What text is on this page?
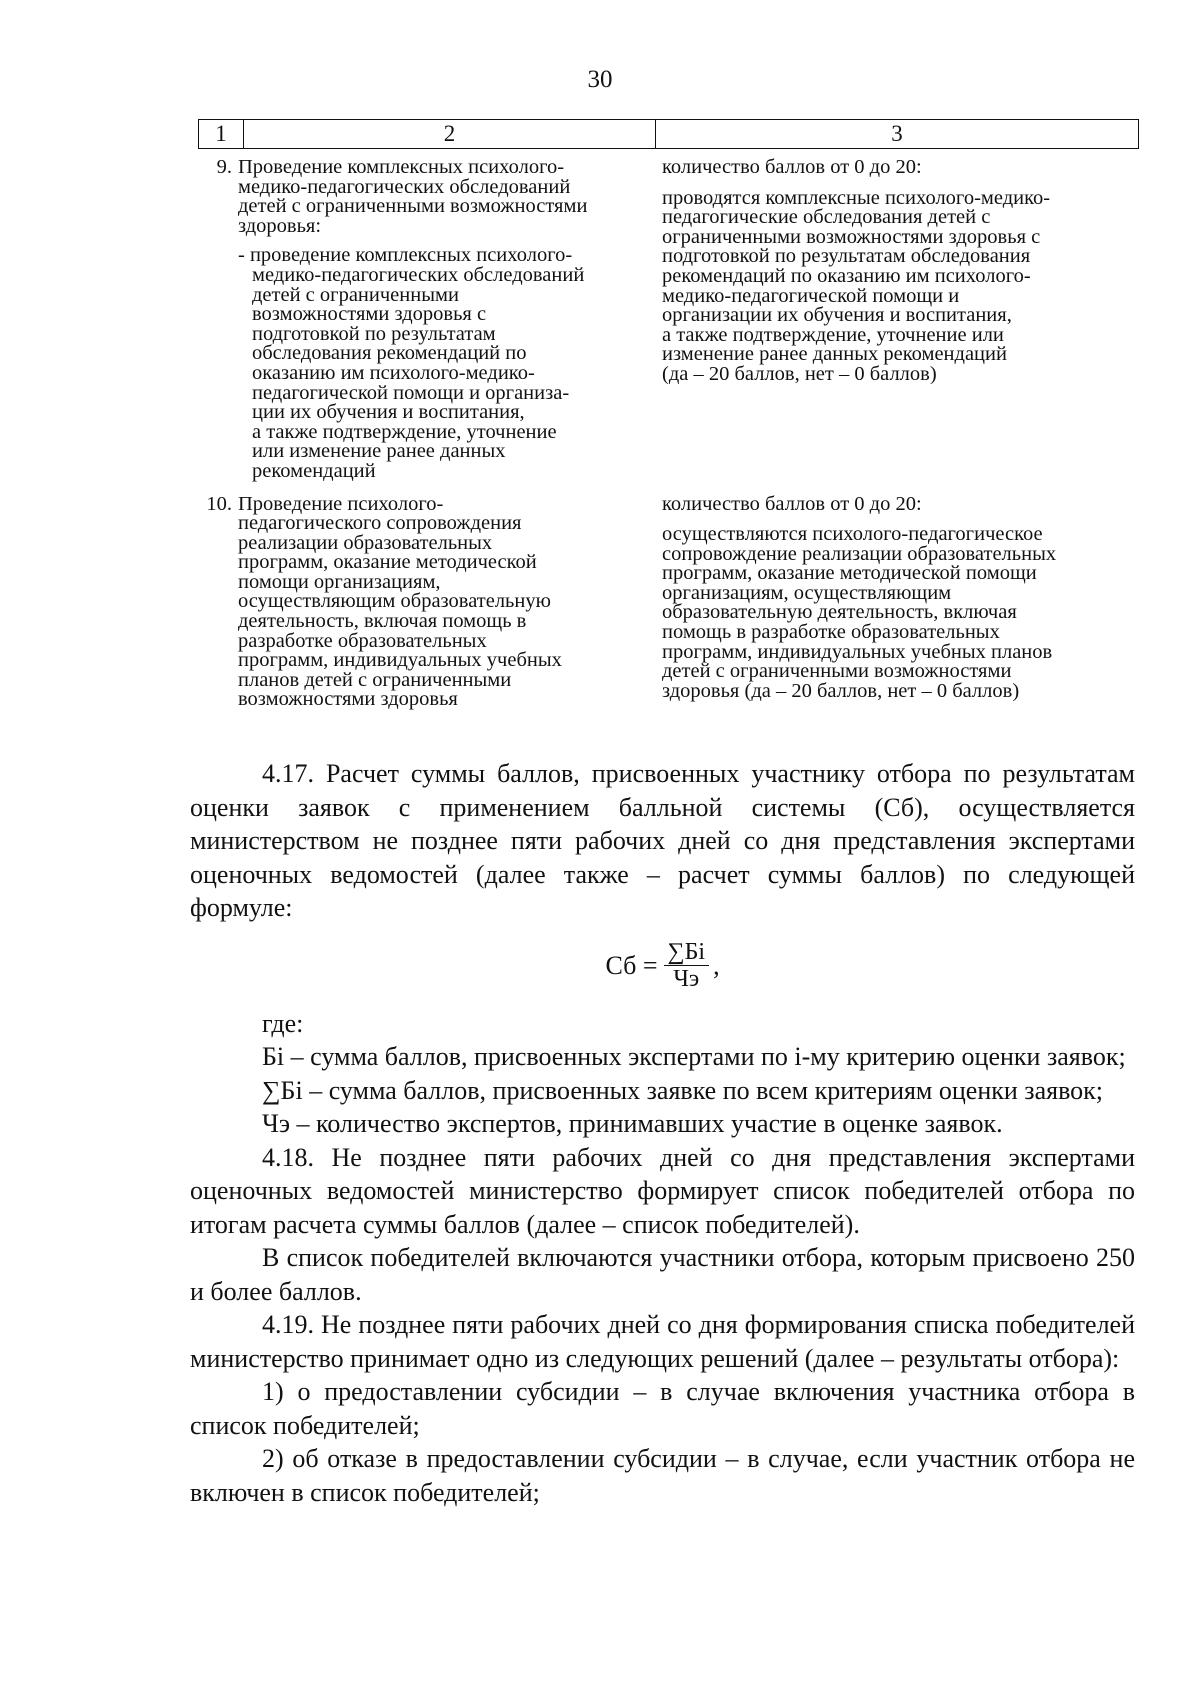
30
1	2	3
9. Проведение комплексных психолого-

медико-педагогических обследований

детей с ограниченными возможностями

здоровья:

- проведение комплексных психолого-

медико-педагогических обследований

детей с ограниченными

возможностями здоровья с

подготовкой по результатам

обследования рекомендаций по

оказанию им психолого-медико-

педагогической помощи и организа-

ции их обучения и воспитания,

а также подтверждение, уточнение

или изменение ранее данных

рекомендаций

количество баллов от 0 до 20:

проводятся комплексные психолого-медико-

педагогические обследования детей с

ограниченными возможностями здоровья с

подготовкой по результатам обследования

рекомендаций по оказанию им психолого-

медико-педагогической помощи и

организации их обучения и воспитания,

а также подтверждение, уточнение или

изменение ранее данных рекомендаций

(да – 20 баллов, нет – 0 баллов)

10. Проведение психолого-

педагогического сопровождения

реализации образовательных

программ, оказание методической

помощи организациям,

осуществляющим образовательную

деятельность, включая помощь в

разработке образовательных

программ, индивидуальных учебных

планов детей с ограниченными

возможностями здоровья

количество баллов от 0 до 20:

осуществляются психолого-педагогическое

сопровождение реализации образовательных

программ, оказание методической помощи

организациям, осуществляющим

образовательную деятельность, включая

помощь в разработке образовательных

программ, индивидуальных учебных планов

детей с ограниченными возможностями

здоровья (да – 20 баллов, нет – 0 баллов)

4.17. Расчет суммы баллов, присвоенных участнику отбора по результатам оценки заявок с применением балльной системы (Сб), осуществляется министерством не позднее пяти рабочих дней со дня представления экспертами оценочных ведомостей (далее также – расчет суммы баллов) по следующей формуле:

Сб = $\frac{\sum Бi}{Чэ}$ ,

где:

Бi – сумма баллов, присвоенных экспертами по i-му критерию оценки заявок;

∑Бi – сумма баллов, присвоенных заявке по всем критериям оценки заявок;

Чэ – количество экспертов, принимавших участие в оценке заявок.

4.18. Не позднее пяти рабочих дней со дня представления экспертами оценочных ведомостей министерство формирует список победителей отбора по итогам расчета суммы баллов (далее – список победителей).

В список победителей включаются участники отбора, которым присвоено 250 и более баллов.

4.19. Не позднее пяти рабочих дней со дня формирования списка победителей министерство принимает одно из следующих решений (далее – результаты отбора):

1) о предоставлении субсидии – в случае включения участника отбора в список победителей;

2) об отказе в предоставлении субсидии – в случае, если участник отбора не включен в список победителей;
